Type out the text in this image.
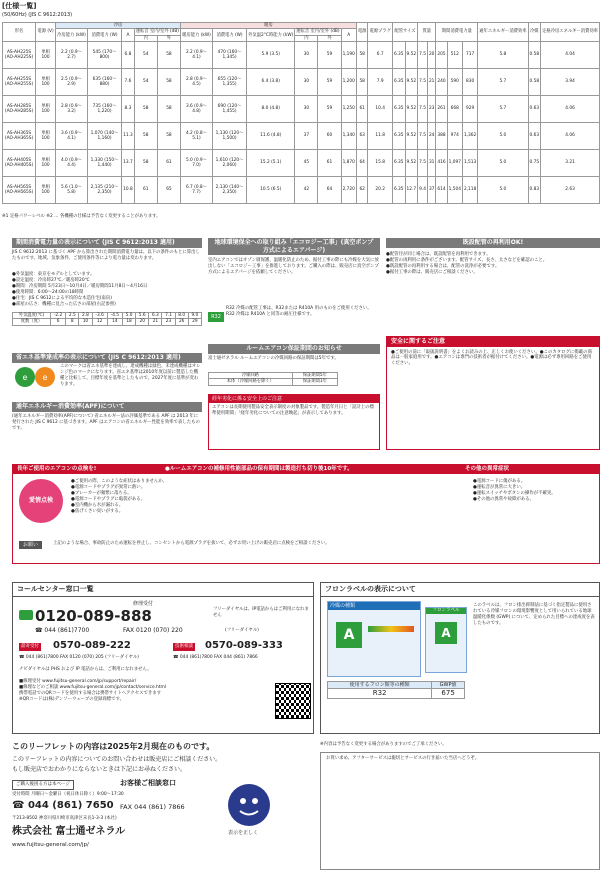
[仕様一覧]
(50/60Hz) (JIS C 9612:2013)
形名	電源 (V)	冷房					暖房						電源	電源プラグ	配管サイズ		質量		期間消費電力量			通年エネルギー消費効率	冷媒	定格冷房エネルギー消費効率
		冷房能力 (kW)	消費電力 (W)	A	運転音 室内/室外 (dB)		暖房能力 (kW)	消費電力 (W)	外気温2°C時能力 (kW)	運転音 室内/室外 (dB)		A												
					内	外				内	外													
AS-AH225S (AO-AH225S)	単相 100	2.2 (0.9〜2.7)	545 (170〜800)	6.8	54	58	2.2 (0.9〜4.1)	470 (160〜1,345)	5.9 (3.5)	30	59	1,190	58	6.7	6.35	9.52	7.5	20	205	512	717	5.8	0.58	4.04
AS-AH255S (AO-AH255S)	単相 100	2.5 (0.9〜2.9)	635 (160〜880)	7.6	54	58	2.8 (0.9〜4.5)	655 (120〜1,355)	6.4 (3.8)	30	59	1,200	58	7.9	6.35	9.52	7.5	21	240	590	830	5.7	0.58	3.94
AS-AH285S (AO-AH285S)	単相 100	2.8 (0.9〜3.2)	735 (160〜1,220)	8.3	58	58	3.6 (0.9〜4.8)	690 (120〜1,455)	8.0 (4.8)	30	59	1,250	61	10.4	6.35	9.52	7.5	23	261	668	929	5.7	0.63	4.06
AS-AH365S (AO-AH365S)	単相 100	3.6 (0.9〜4.1)	1,070 (140〜1,160)	11.3	58	58	4.2 (0.8〜5.1)	1,130 (120〜1,500)	11.6 (4.8)	37	60	1,340	63	11.8	6.35	9.52	7.5	24	388	974	1,362	5.0	0.63	4.06
AS-AH405S (AO-AH405S)	単相 100	4.0 (0.9〜4.4)	1,330 (150〜1,440)	13.7	58	61	5.0 (0.9〜7.0)	1,610 (120〜2,060)	15.2 (5.1)	45	61	1,870	64	15.8	6.35	9.52	7.5	31	416	1,097	1,513	5.0	0.75	3.21
AS-AH565S (AO-AH565S)	単相 100	5.6 (1.0〜5.8)	2,135 (210〜2,350)	10.8	61	65	6.7 (0.8〜7.7)	2,130 (140〜2,350)	10.5 (6.5)	42	64	2,720	62	20.2	6.35	12.7	9.4	37	614	1,504	2,118	5.0	0.83	2.63
※1 定格パワーレベル ※2 … 各機種の仕様は予告なく変更することがあります。
期間消費電力量の表示について (JIS C 9612:2013 適用)
JIS C 9612:2013 に基づく APF から算出された期間消費電力量は、以下の条件のもとに算出したものです。地域、気象条件、ご使用条件等により電力量は変わります。
●外気温度：東京をモデルとしています。
●設定温度：冷房時27℃／暖房時20℃
●期間：冷房期間 5月23日〜10月4日／暖房期間11月8日〜4月16日
●使用時間：6:00〜24:00の18時間
●住宅：JIS C 9612による平均的な木造住宅(南向)
●部屋の広さ：機種に見合った広さの部屋(右記参照)
外気温度(℃)	-2.2	2.5	2.8	-3.6	-4.5	5.0	5.6	6.3	7.1	8.0	9.0
度数（度）	6	8	10	12	14	18	20	21	23	26	29
省エネ基準達成率の表示について (JIS C 9612:2013 適用)
e e
このマークは省エネ基準を達成し、達成機種は緑色、未達成機種はオレンジ色のマークになります。省エネ基準は2010年度以前に製造した機種と比較して、目標年度を基準としたもので、2027年度に基準が変わります。
通年エネルギー消費効率(APF)について
(通年エネルギー消費効率(APF)について) 省エネルギー法の評価基準である APF は 2013 年に発行された JIS C 9612 に基づきます。APF はエアコンの省エネルギー性能を効率で表したものです。
地球環境保全への取り組み「エコロジー工事」(真空ポンプ方式によるエアパージ)
室内エアコンではオゾン層保護、温暖化防止のため、据付工事の際にも冷媒を大気に放出しない「エコロジー工事」を推進しております。ご購入の際は、販売店に真空ポンプ方式によるエアパージを依頼してください。
R32
R32 冷媒の配管工事は、R32または R410A 用のものをご使用ください。R32 冷媒は R410A と同等の耐圧仕様です。
ルームエアコン保証期間のお知らせ
富士通ゼネラル ルームエアコンの冷媒回路の保証期間は5年です。
冷媒回路	保証期間5年
本体（冷媒回路を除く）	保証期間1年
経年劣化に係る安全上のご注意
エアコンは長期使用製品安全表示制度の対象製品です。製造年月日と「設計上の標準使用期間」「経年劣化についての注意喚起」が表示してあります。
既設配管の再利用OK!
●配管径が同じ場合は、既設配管を再利用できます。
●配管の再利用に条件がございます。配管サイズ、長さ、太さなどを確認のこと。
●既設配管の再利用する場合は、配管の洗浄が必要です。
●据付工事の際は、販売店にご相談ください。
安全に関するご注意
●ご使用の前に「取扱説明書」をよくお読みの上、正しくお使いください。●このカタログに掲載の商品は一般家庭用です。●エアコンは専門の技術者が据付けてください。●電源は必ず専用回路をご使用ください。
長年ご使用のエアコンの点検を!	●ルームエアコンの補修用性能部品の保有期間は製造打ち切り後10年です。	その他の異常症状
愛情点検
●ご使用の際、このような症状はありませんか。
●電源コードやプラグが異常に熱い。
●ブレーカーが頻繁に落ちる。
●電源コードやプラグに亀裂がある。
●室内機から水が漏れる。
●焦げくさい臭いがする。
●電源コードに傷がある。
●運転音が異常に大きい。
●運転スイッチやボタンの操作が不確実。
●その他の異常や故障がある。
お願い	上記のような場合、事故防止のため運転を停止し、コンセントから電源プラグを抜いて、必ずお買い上げの販売店に点検をご相談ください。
コールセンター窓口一覧
修理受付
0120-089-888	フリーダイヤルは、IP電話からはご利用になれません
☎ 044 (861)7700	FAX 0120 (070) 220	(フリーダイヤル)
最寄受付 0570-089-222	技術相談 0570-089-333
☎ 044 (861)7800 FAX 0120 (070) 205 (フリーダイヤル)	☎ 044 (861)7800 FAX 044 (861) 7866
ナビダイヤルは PHS および IP 電話からは、ご利用になれません。
■修理受付 www.fujitsu-general.com/jp/support/repair/
■修理などのご相談 www.fujitsu-general.com/jp/contact/service.html
携帯電話でのQRコードを使用する場合は携帯サイトへアクセスできます
※QRコードは(株)デンソーウェーブの登録商標です。
フロンラベルの表示について
冷媒の種類
A
フロンラベル
A
使用するフロン類等の種類	GWP値
R32	675
このラベルは、フロン排出抑制法に基づく指定製品に使用されている冷媒フロンの環境影響度として用いられている地球温暖化係数 (GWP) について、定められた目標への達成度を表したものです。
このリーフレットの内容は2025年2月現在のものです。
このリーフレットの内容についてのお問い合わせは販売店にご相談ください。
もし販売店でおわかりにならないときは下記にお尋ねください。
ご購入後困る方は本ページ	お客様ご相談窓口
受付時間 月曜日〜金曜日（祝日休日除く）9:00〜17:30
☎ 044 (861) 7650 FAX 044 (861) 7866
〒213-8502 神奈川県川崎市高津区末長1-3-3 (本社)
株式会社 富士通ゼネラル
www.fujitsu-general.com/jp/
表示を正しく
※内容は予告なく変更する場合がありますのでご了承ください。
お買い求め、アフターサービスは親切とサービスの行き届いた当店へどうぞ。
